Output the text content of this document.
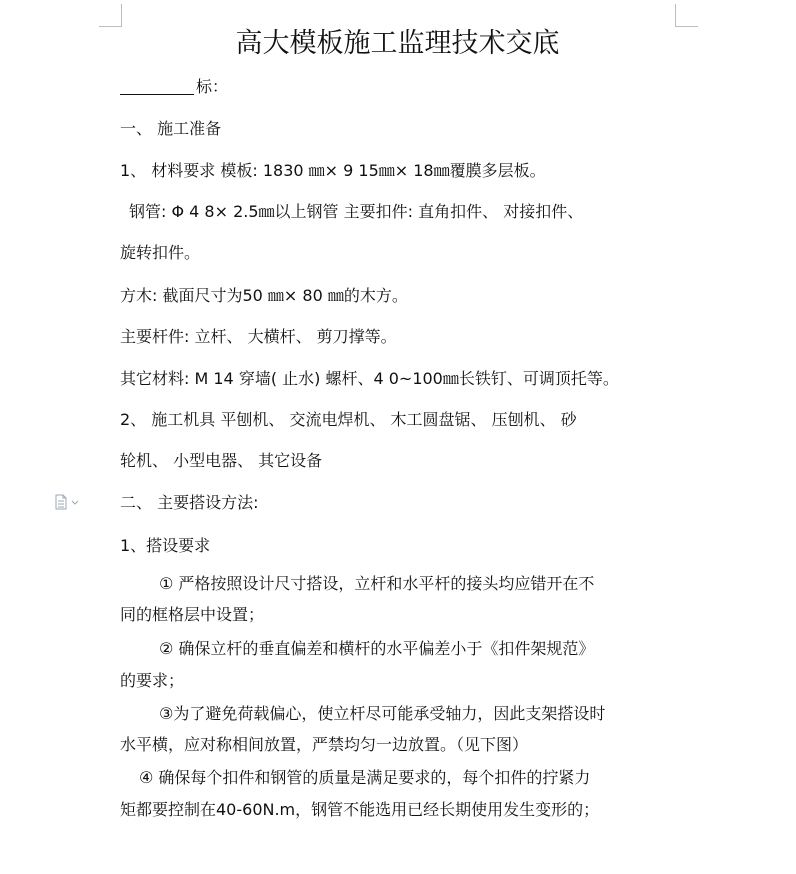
高大模板施工监理技术交底
标：
一、 施工准备
1、 材料要求 模板: 1830 ㎜× 9 15㎜× 18㎜覆膜多层板。
钢管: Φ 4 8× 2.5㎜以上钢管 主要扣件: 直角扣件、 对接扣件、
旋转扣件。
方木: 截面尺寸为50 ㎜× 80 ㎜的木方。
主要杆件: 立杆、 大横杆、 剪刀撑等。
其它材料: M 14 穿墙( 止水) 螺杆、4 0~100㎜长铁钉、可调顶托等。
2、 施工机具 平刨机、 交流电焊机、 木工圆盘锯、 压刨机、 砂
轮机、 小型电器、 其它设备
二、 主要搭设方法:
1、搭设要求
① 严格按照设计尺寸搭设，立杆和水平杆的接头均应错开在不
同的框格层中设置；
② 确保立杆的垂直偏差和横杆的水平偏差小于《扣件架规范》
的要求；
③为了避免荷载偏心，使立杆尽可能承受轴力，因此支架搭设时
水平横，应对称相间放置，严禁均匀一边放置。（见下图）
④ 确保每个扣件和钢管的质量是满足要求的，每个扣件的拧紧力
矩都要控制在40-60N.m，钢管不能选用已经长期使用发生变形的；
